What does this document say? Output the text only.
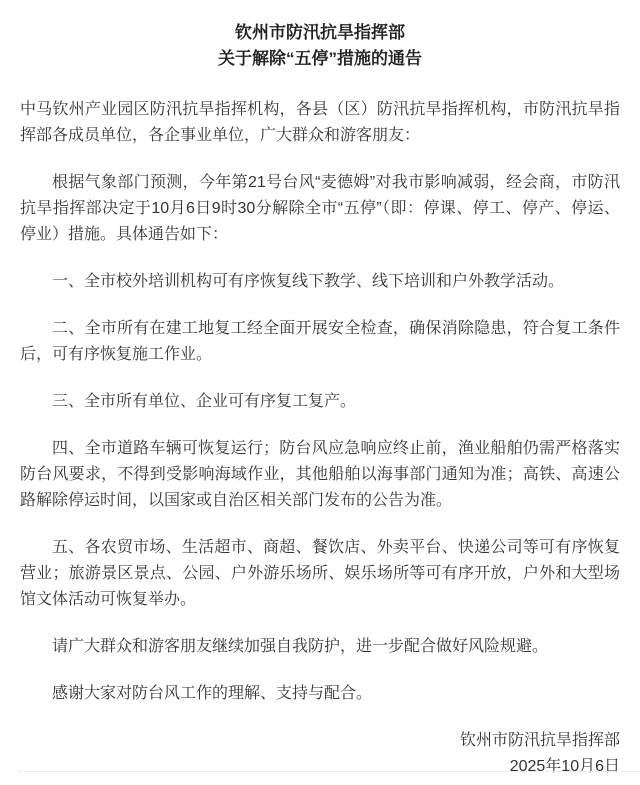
钦州市防汛抗旱指挥部
关于解除“五停”措施的通告

中马钦州产业园区防汛抗旱指挥机构，各县（区）防汛抗旱指挥机构，市防汛抗旱指挥部各成员单位，各企事业单位，广大群众和游客朋友：

根据气象部门预测，今年第21号台风“麦德姆”对我市影响减弱，经会商，市防汛抗旱指挥部决定于10月6日9时30分解除全市“五停”（即：停课、停工、停产、停运、停业）措施。具体通告如下：

一、全市校外培训机构可有序恢复线下教学、线下培训和户外教学活动。

二、全市所有在建工地复工经全面开展安全检查，确保消除隐患，符合复工条件后，可有序恢复施工作业。

三、全市所有单位、企业可有序复工复产。

四、全市道路车辆可恢复运行；防台风应急响应终止前，渔业船舶仍需严格落实防台风要求，不得到受影响海域作业，其他船舶以海事部门通知为准；高铁、高速公路解除停运时间，以国家或自治区相关部门发布的公告为准。

五、各农贸市场、生活超市、商超、餐饮店、外卖平台、快递公司等可有序恢复营业；旅游景区景点、公园、户外游乐场所、娱乐场所等可有序开放，户外和大型场馆文体活动可恢复举办。

请广大群众和游客朋友继续加强自我防护，进一步配合做好风险规避。

感谢大家对防台风工作的理解、支持与配合。

钦州市防汛抗旱指挥部

2025年10月6日
